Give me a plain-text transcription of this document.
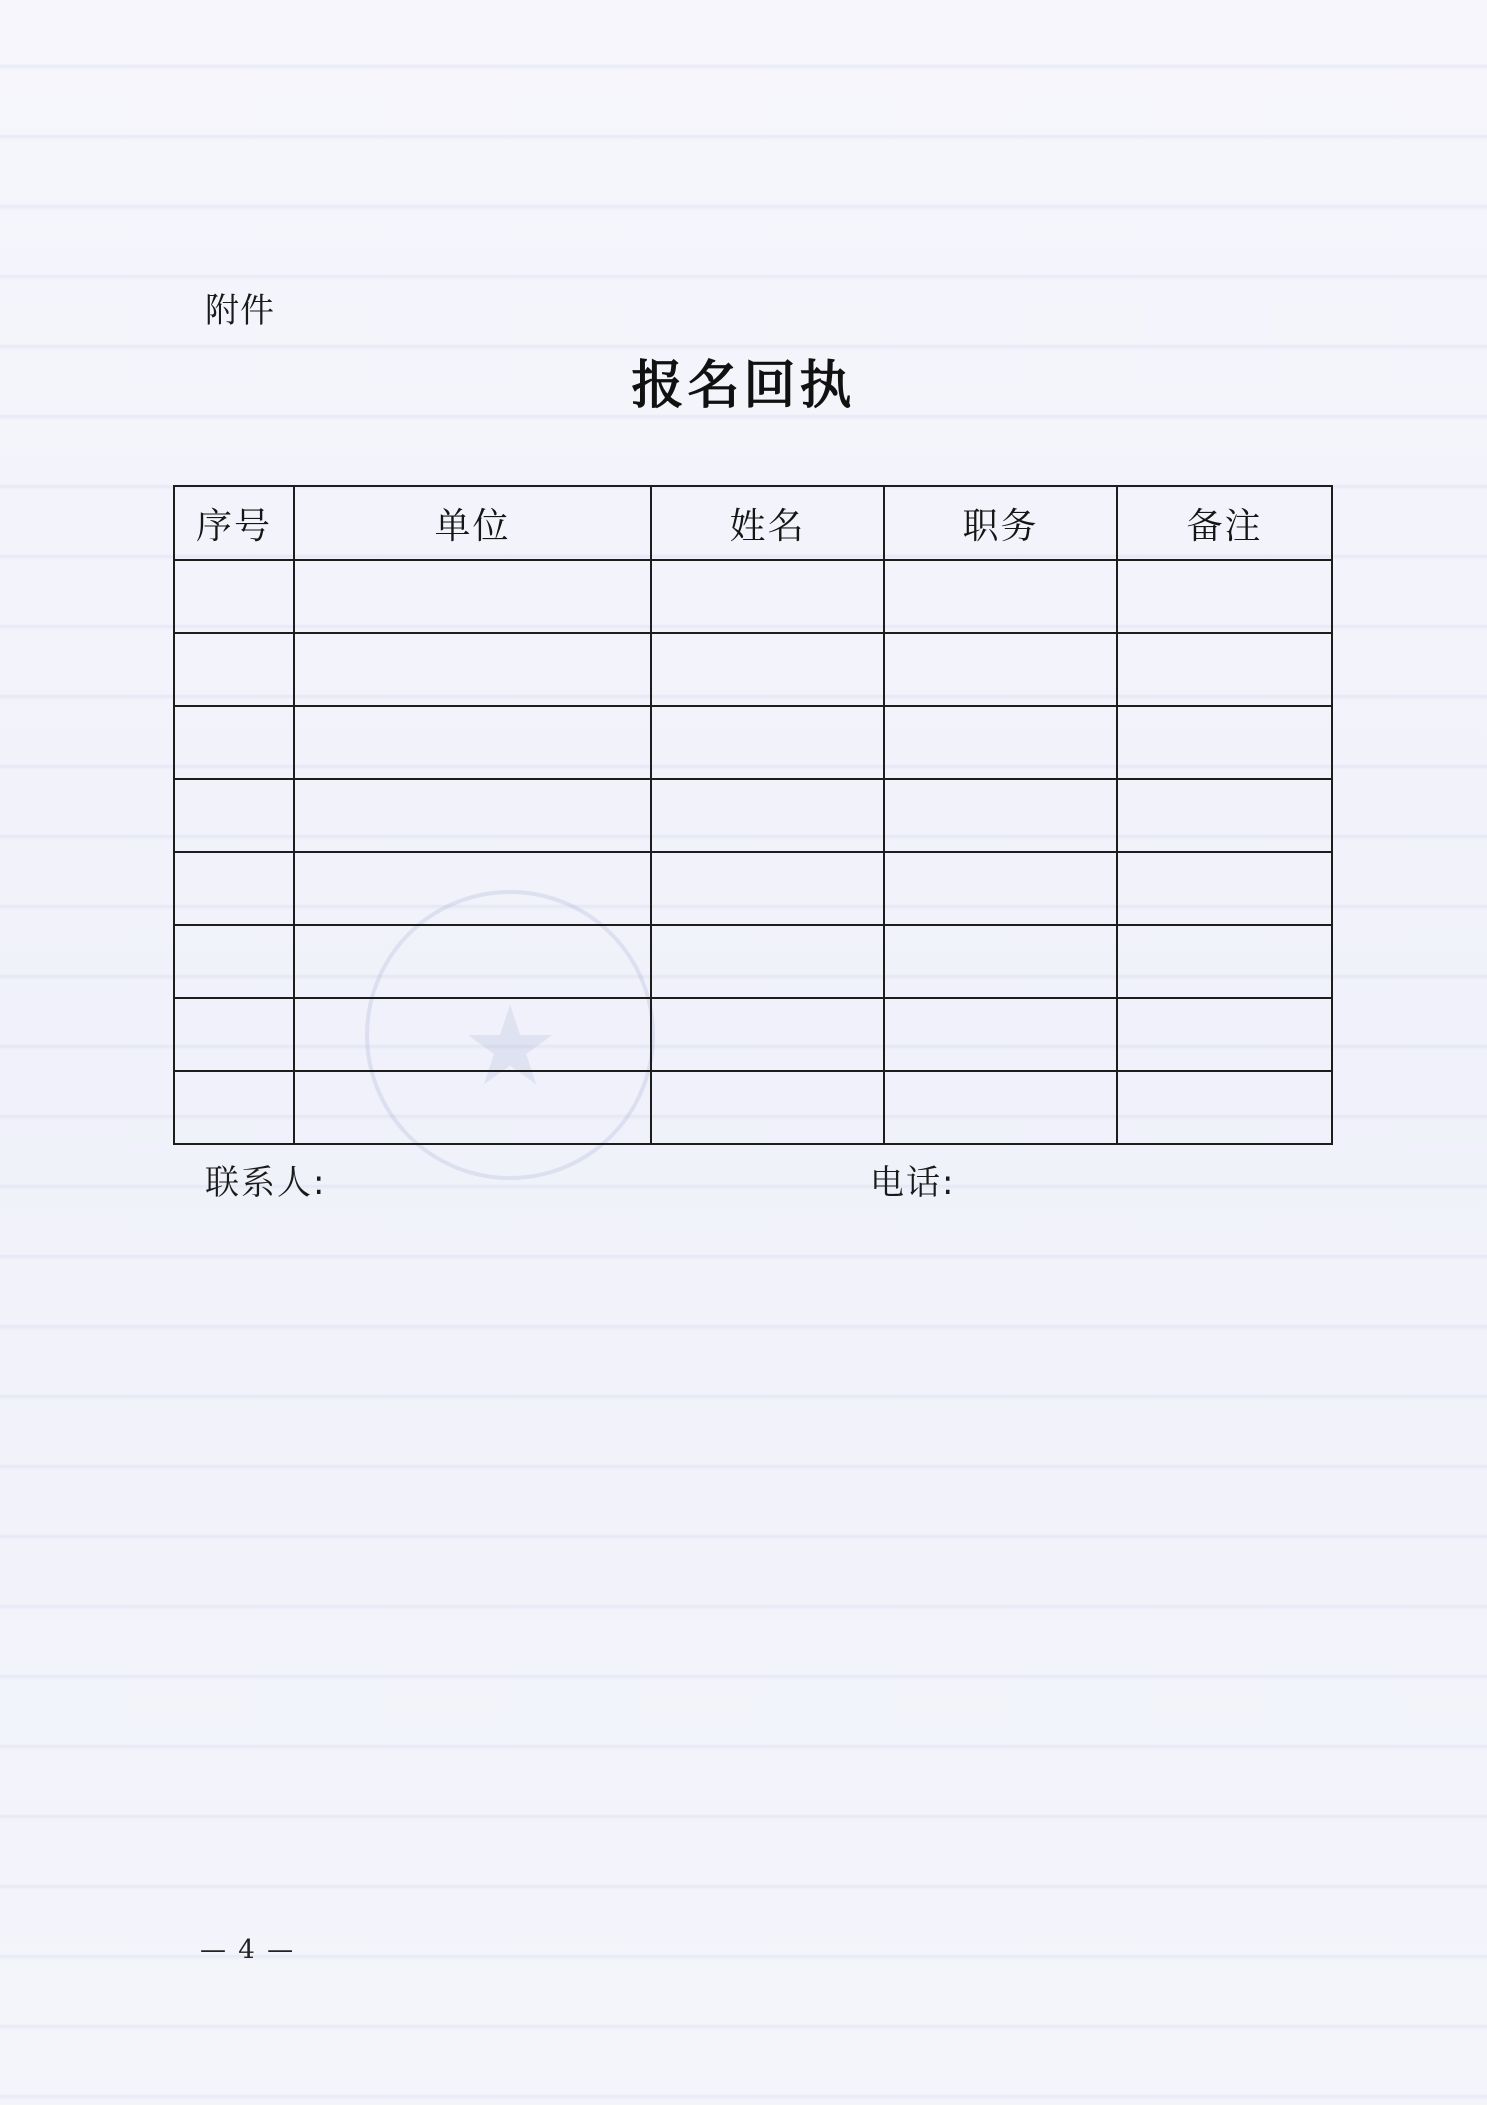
★
附件
报名回执
序号	单位	姓名	职务	备注

联系人:	电话:
— 4 —
